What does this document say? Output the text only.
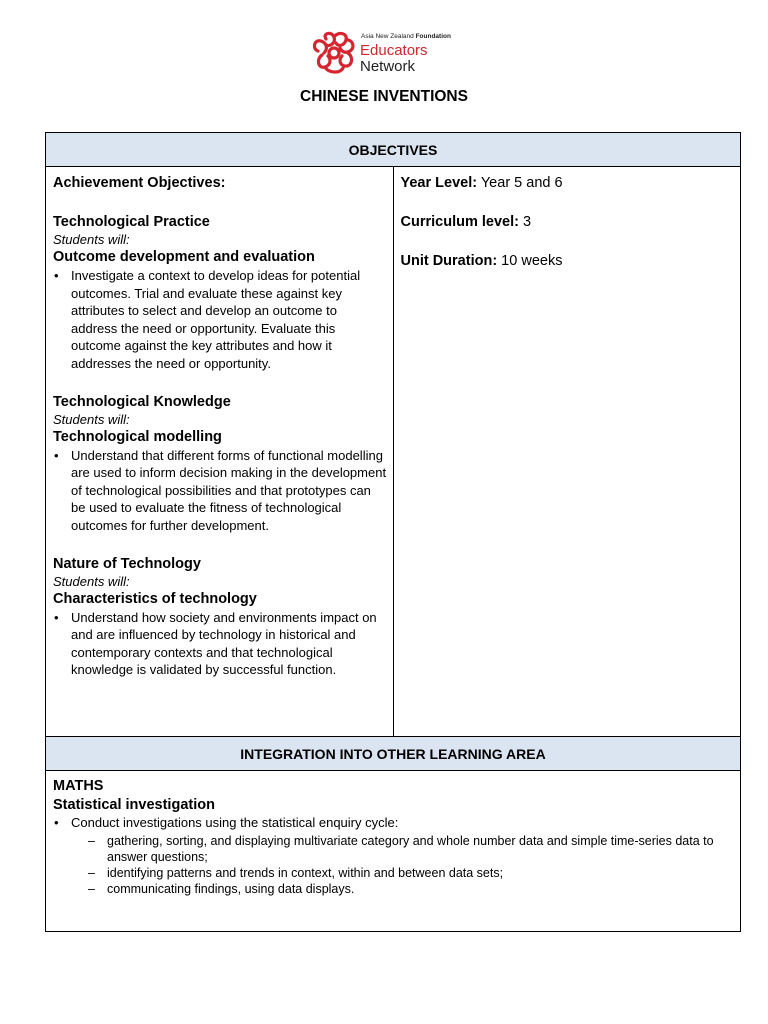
Asia New Zealand Foundation
Educators
Network
CHINESE INVENTIONS
OBJECTIVES

Achievement Objectives:
Technological Practice
Students will:
Outcome development and evaluation
• Investigate a context to develop ideas for potential outcomes. Trial and evaluate these against key attributes to select and develop an outcome to address the need or opportunity. Evaluate this outcome against the key attributes and how it addresses the need or opportunity.
Technological Knowledge
Students will:
Technological modelling
• Understand that different forms of functional modelling are used to inform decision making in the development of technological possibilities and that prototypes can be used to evaluate the fitness of technological outcomes for further development.
Nature of Technology
Students will:
Characteristics of technology
• Understand how society and environments impact on and are influenced by technology in historical and contemporary contexts and that technological knowledge is validated by successful function.

Year Level: Year 5 and 6
Curriculum level: 3
Unit Duration: 10 weeks

INTEGRATION INTO OTHER LEARNING AREA

MATHS
Statistical investigation
• Conduct investigations using the statistical enquiry cycle:
– gathering, sorting, and displaying multivariate category and whole number data and simple time-series data to answer questions;
– identifying patterns and trends in context, within and between data sets;
– communicating findings, using data displays.
